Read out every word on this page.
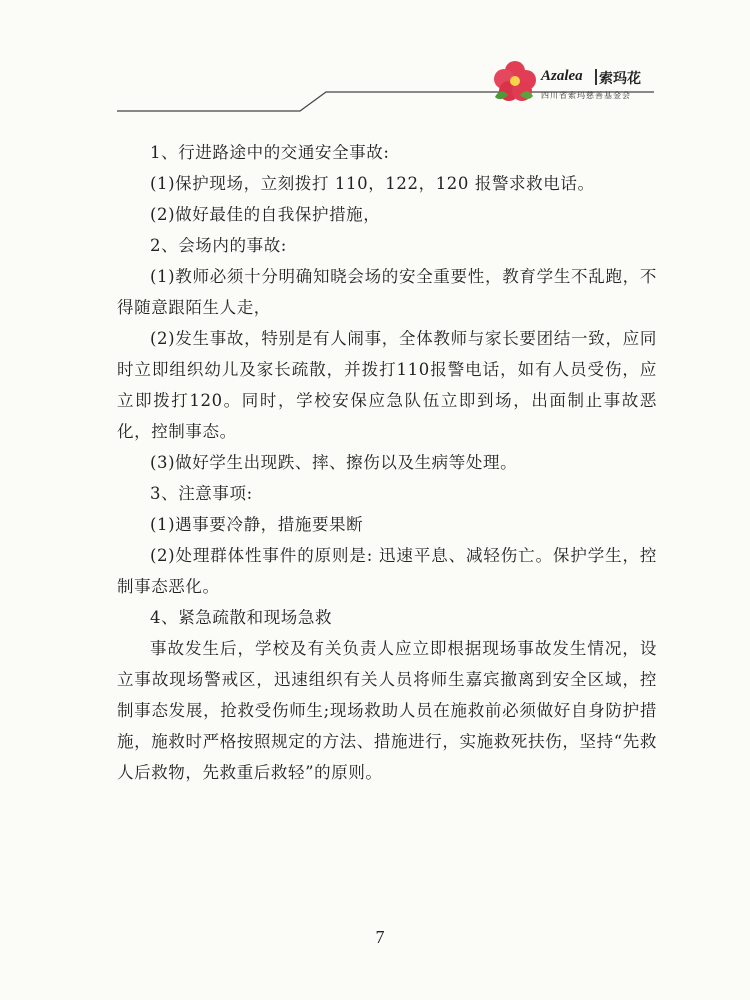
Azalea 索玛花
四川省索玛慈善基金会

1、行进路途中的交通安全事故:

(1)保护现场，立刻拨打 110，122，120 报警求救电话。

(2)做好最佳的自我保护措施，

2、会场内的事故:

(1)教师必须十分明确知晓会场的安全重要性，教育学生不乱跑，不得随意跟陌生人走，

(2)发生事故，特别是有人闹事，全体教师与家长要团结一致，应同时立即组织幼儿及家长疏散，并拨打110报警电话，如有人员受伤，应立即拨打120。同时，学校安保应急队伍立即到场，出面制止事故恶化，控制事态。

(3)做好学生出现跌、摔、擦伤以及生病等处理。

3、注意事项:

(1)遇事要冷静，措施要果断

(2)处理群体性事件的原则是: 迅速平息、减轻伤亡。保护学生，控制事态恶化。

4、紧急疏散和现场急救

事故发生后，学校及有关负责人应立即根据现场事故发生情况，设立事故现场警戒区，迅速组织有关人员将师生嘉宾撤离到安全区域，控制事态发展，抢救受伤师生;现场救助人员在施救前必须做好自身防护措施，施救时严格按照规定的方法、措施进行，实施救死扶伤，坚持“先救人后救物，先救重后救轻”的原则。

7
